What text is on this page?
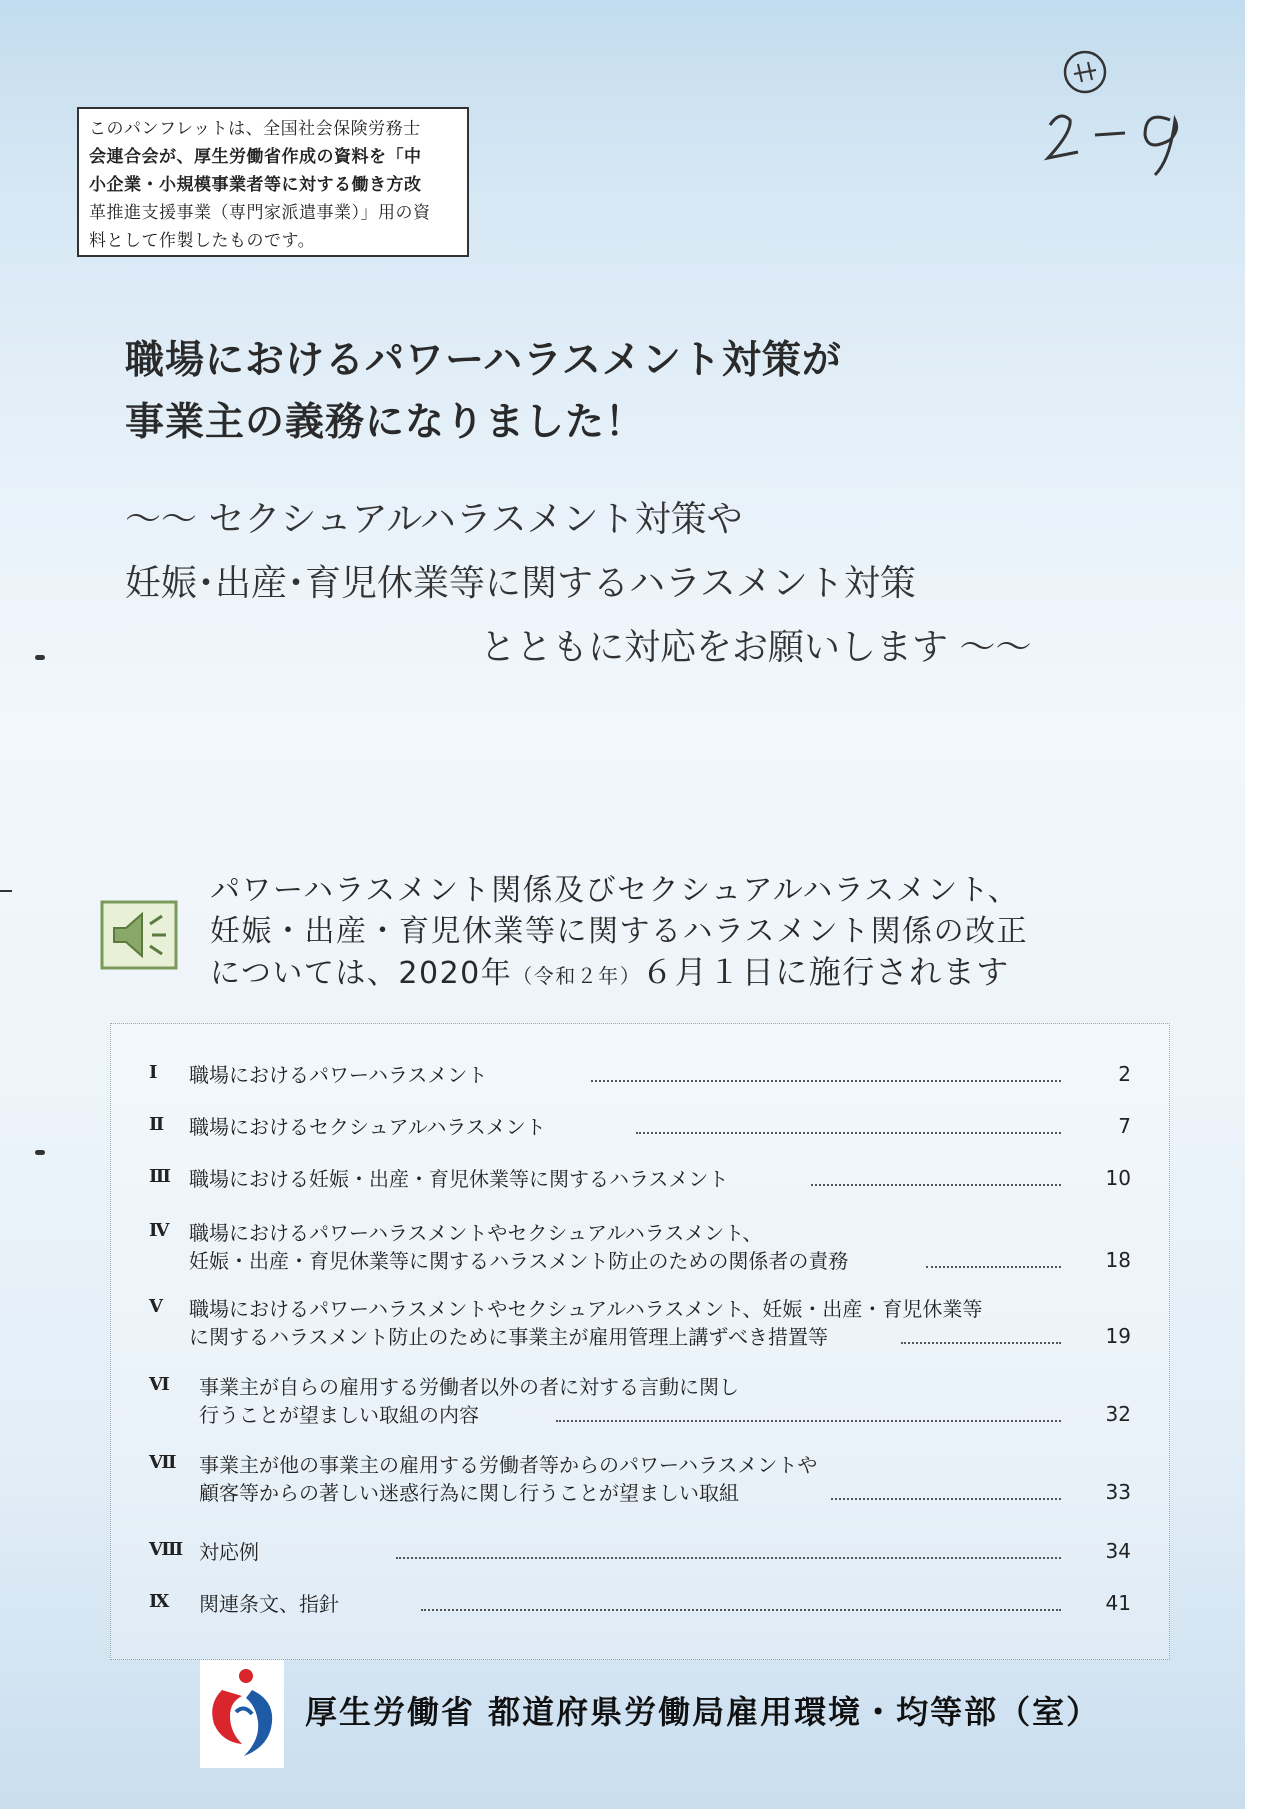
2-9
このパンフレットは、全国社会保険労務士
会連合会が、厚生労働省作成の資料を「中
小企業・小規模事業者等に対する働き方改
革推進支援事業（専門家派遣事業）」用の資
料として作製したものです。
職場におけるパワーハラスメント対策が
事業主の義務になりました！
～～ セクシュアルハラスメント対策や
妊娠･出産･育児休業等に関するハラスメント対策
とともに対応をお願いします ～～
パワーハラスメント関係及びセクシュアルハラスメント、
妊娠・出産・育児休業等に関するハラスメント関係の改正
については、2020年（令和２年）６月１日に施行されます
Ⅰ	職場におけるパワーハラスメント	2
Ⅱ	職場におけるセクシュアルハラスメント	7
Ⅲ 職場における妊娠・出産・育児休業等に関するハラスメント	10
Ⅳ 職場におけるパワーハラスメントやセクシュアルハラスメント、
妊娠・出産・育児休業等に関するハラスメント防止のための関係者の責務	18
Ⅴ	職場におけるパワーハラスメントやセクシュアルハラスメント、妊娠・出産・育児休業等
に関するハラスメント防止のために事業主が雇用管理上講ずべき措置等	19
Ⅵ	事業主が自らの雇用する労働者以外の者に対する言動に関し
行うことが望ましい取組の内容	32
Ⅶ	事業主が他の事業主の雇用する労働者等からのパワーハラスメントや
顧客等からの著しい迷惑行為に関し行うことが望ましい取組	33
Ⅷ 対応例	34
Ⅸ	関連条文、指針	41
厚生労働省 都道府県労働局雇用環境・均等部（室）
